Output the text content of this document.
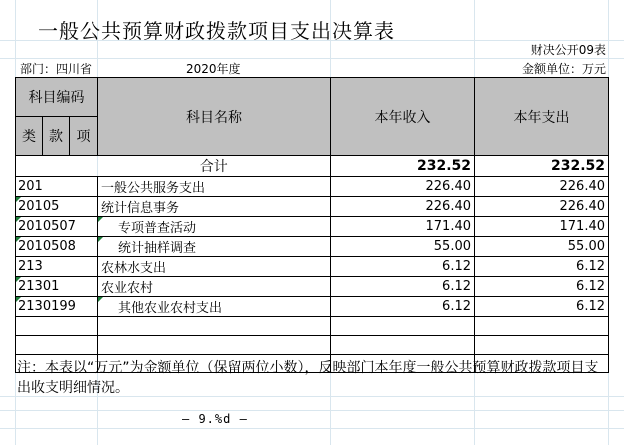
一般公共预算财政拨款项目支出决算表
财决公开09表
部门：四川省	2020年度	金额单位：万元
科目编码			科目名称	本年收入	本年支出
类	款	项			
			合计	232.52	232.52
201			一般公共服务支出	226.40	226.40
20105			统计信息事务	226.40	226.40
2010507			专项普查活动	171.40	171.40
2010508			统计抽样调查	55.00	55.00
213			农林水支出	6.12	6.12
21301			农业农村	6.12	6.12
2130199			其他农业农村支出	6.12	6.12

注：本表以“万元”为金额单位（保留两位小数），反映部门本年度一般公共预算财政拨款项目支出收支明细情况。
— 9.%d —
